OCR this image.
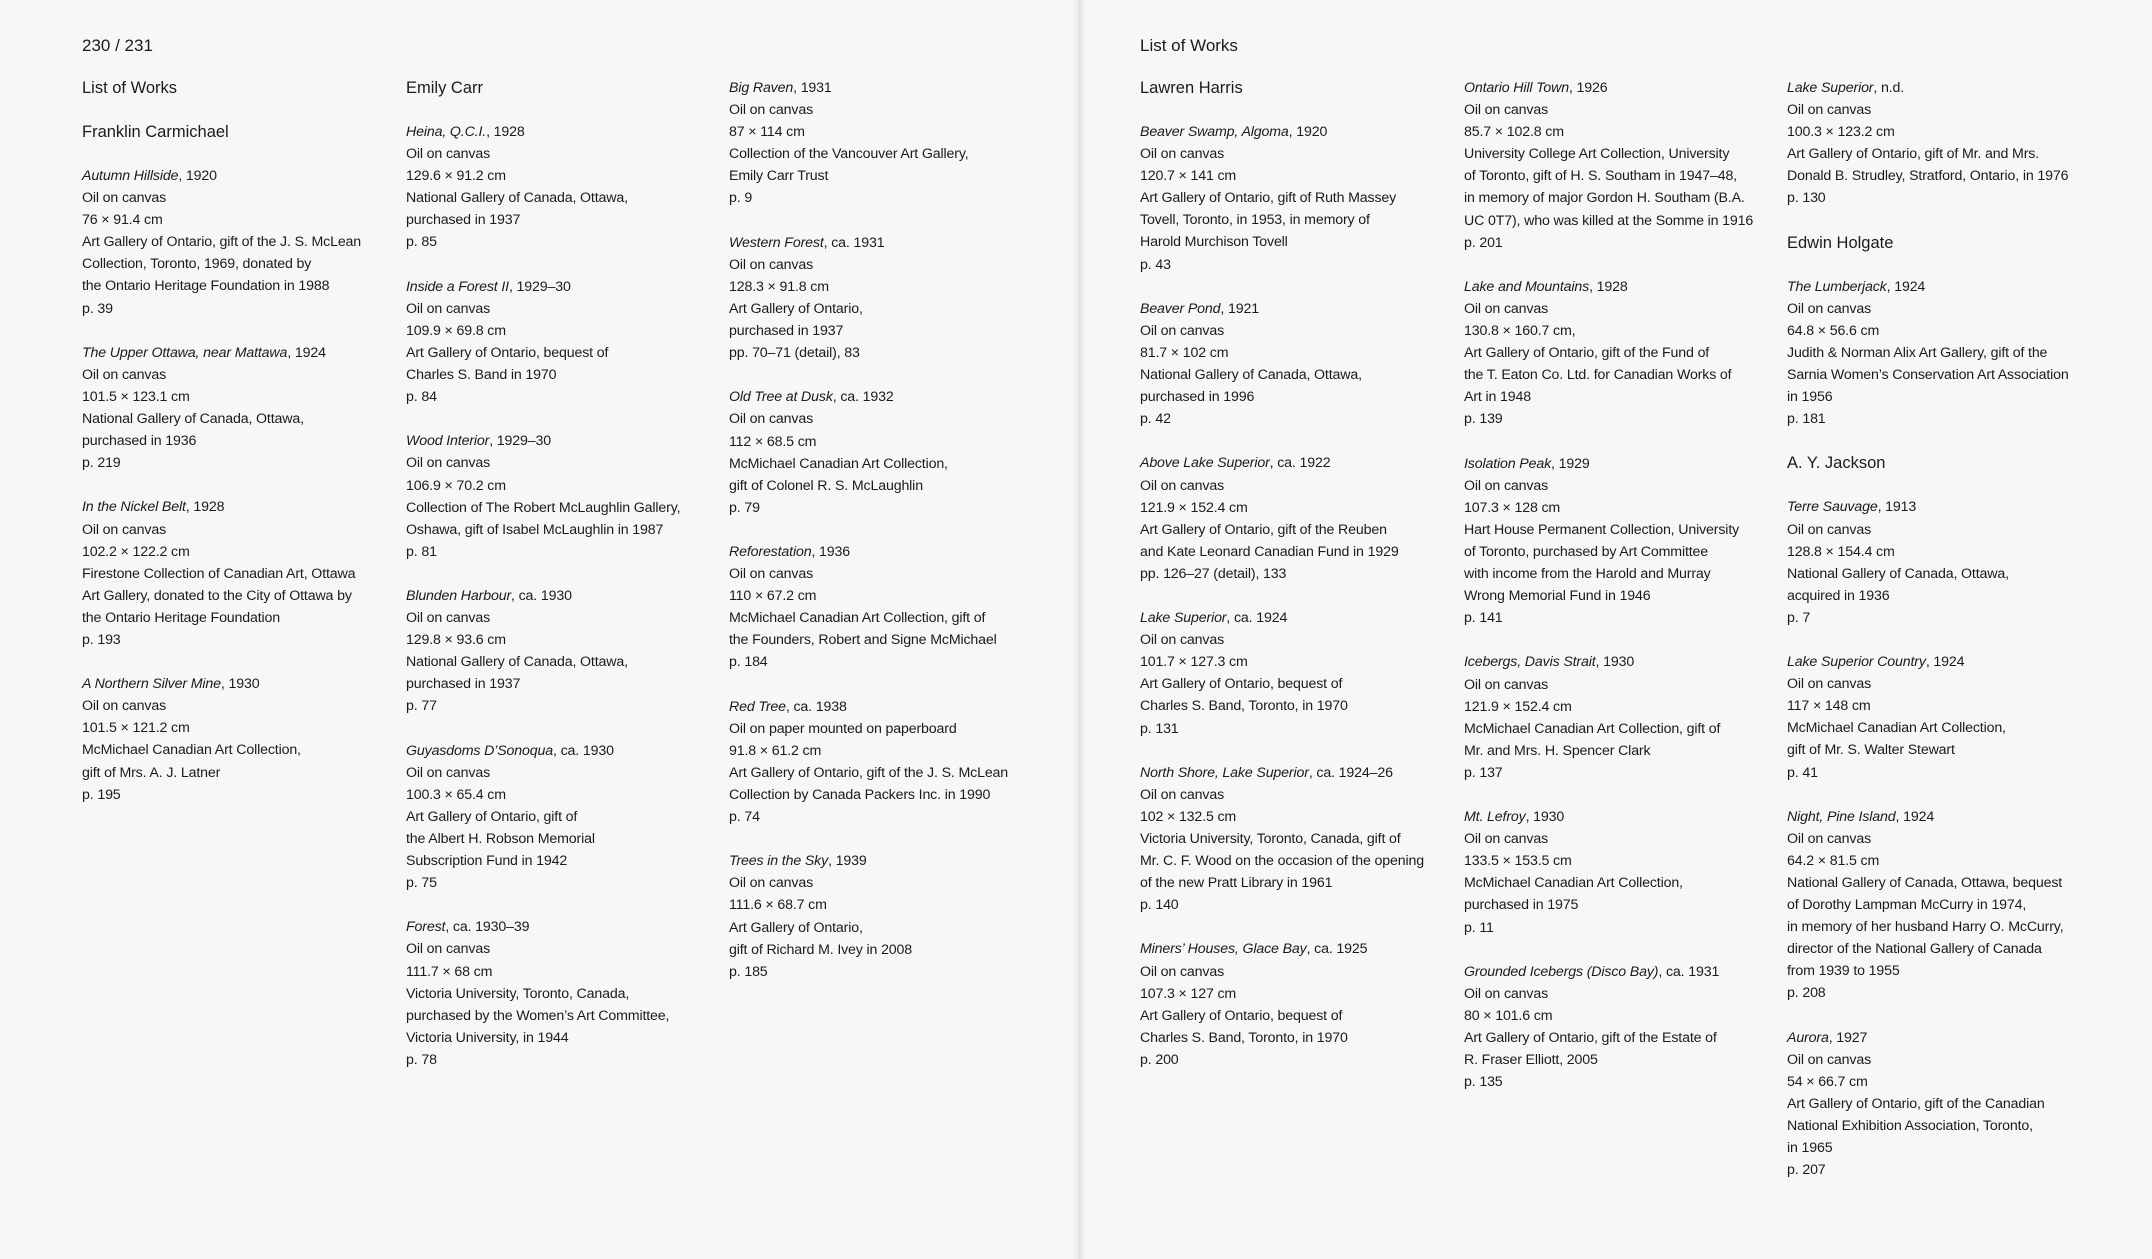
230 / 231
List of Works
Franklin Carmichael
Autumn Hillside, 1920
Oil on canvas
76 × 91.4 cm
Art Gallery of Ontario, gift of the J. S. McLean
Collection, Toronto, 1969, donated by
the Ontario Heritage Foundation in 1988
p. 39
The Upper Ottawa, near Mattawa, 1924
Oil on canvas
101.5 × 123.1 cm
National Gallery of Canada, Ottawa,
purchased in 1936
p. 219
In the Nickel Belt, 1928
Oil on canvas
102.2 × 122.2 cm
Firestone Collection of Canadian Art, Ottawa
Art Gallery, donated to the City of Ottawa by
the Ontario Heritage Foundation
p. 193
A Northern Silver Mine, 1930
Oil on canvas
101.5 × 121.2 cm
McMichael Canadian Art Collection,
gift of Mrs. A. J. Latner
p. 195
Emily Carr
Heina, Q.C.I., 1928
Oil on canvas
129.6 × 91.2 cm
National Gallery of Canada, Ottawa,
purchased in 1937
p. 85
Inside a Forest II, 1929–30
Oil on canvas
109.9 × 69.8 cm
Art Gallery of Ontario, bequest of
Charles S. Band in 1970
p. 84
Wood Interior, 1929–30
Oil on canvas
106.9 × 70.2 cm
Collection of The Robert McLaughlin Gallery,
Oshawa, gift of Isabel McLaughlin in 1987
p. 81
Blunden Harbour, ca. 1930
Oil on canvas
129.8 × 93.6 cm
National Gallery of Canada, Ottawa,
purchased in 1937
p. 77
Guyasdoms D’Sonoqua, ca. 1930
Oil on canvas
100.3 × 65.4 cm
Art Gallery of Ontario, gift of
the Albert H. Robson Memorial
Subscription Fund in 1942
p. 75
Forest, ca. 1930–39
Oil on canvas
111.7 × 68 cm
Victoria University, Toronto, Canada,
purchased by the Women’s Art Committee,
Victoria University, in 1944
p. 78
Big Raven, 1931
Oil on canvas
87 × 114 cm
Collection of the Vancouver Art Gallery,
Emily Carr Trust
p. 9
Western Forest, ca. 1931
Oil on canvas
128.3 × 91.8 cm
Art Gallery of Ontario,
purchased in 1937
pp. 70–71 (detail), 83
Old Tree at Dusk, ca. 1932
Oil on canvas
112 × 68.5 cm
McMichael Canadian Art Collection,
gift of Colonel R. S. McLaughlin
p. 79
Reforestation, 1936
Oil on canvas
110 × 67.2 cm
McMichael Canadian Art Collection, gift of
the Founders, Robert and Signe McMichael
p. 184
Red Tree, ca. 1938
Oil on paper mounted on paperboard
91.8 × 61.2 cm
Art Gallery of Ontario, gift of the J. S. McLean
Collection by Canada Packers Inc. in 1990
p. 74
Trees in the Sky, 1939
Oil on canvas
111.6 × 68.7 cm
Art Gallery of Ontario,
gift of Richard M. Ivey in 2008
p. 185
List of Works
Lawren Harris
Beaver Swamp, Algoma, 1920
Oil on canvas
120.7 × 141 cm
Art Gallery of Ontario, gift of Ruth Massey
Tovell, Toronto, in 1953, in memory of
Harold Murchison Tovell
p. 43
Beaver Pond, 1921
Oil on canvas
81.7 × 102 cm
National Gallery of Canada, Ottawa,
purchased in 1996
p. 42
Above Lake Superior, ca. 1922
Oil on canvas
121.9 × 152.4 cm
Art Gallery of Ontario, gift of the Reuben
and Kate Leonard Canadian Fund in 1929
pp. 126–27 (detail), 133
Lake Superior, ca. 1924
Oil on canvas
101.7 × 127.3 cm
Art Gallery of Ontario, bequest of
Charles S. Band, Toronto, in 1970
p. 131
North Shore, Lake Superior, ca. 1924–26
Oil on canvas
102 × 132.5 cm
Victoria University, Toronto, Canada, gift of
Mr. C. F. Wood on the occasion of the opening
of the new Pratt Library in 1961
p. 140
Miners’ Houses, Glace Bay, ca. 1925
Oil on canvas
107.3 × 127 cm
Art Gallery of Ontario, bequest of
Charles S. Band, Toronto, in 1970
p. 200
Ontario Hill Town, 1926
Oil on canvas
85.7 × 102.8 cm
University College Art Collection, University
of Toronto, gift of H. S. Southam in 1947–48,
in memory of major Gordon H. Southam (B.A.
UC 0T7), who was killed at the Somme in 1916
p. 201
Lake and Mountains, 1928
Oil on canvas
130.8 × 160.7 cm,
Art Gallery of Ontario, gift of the Fund of
the T. Eaton Co. Ltd. for Canadian Works of
Art in 1948
p. 139
Isolation Peak, 1929
Oil on canvas
107.3 × 128 cm
Hart House Permanent Collection, University
of Toronto, purchased by Art Committee
with income from the Harold and Murray
Wrong Memorial Fund in 1946
p. 141
Icebergs, Davis Strait, 1930
Oil on canvas
121.9 × 152.4 cm
McMichael Canadian Art Collection, gift of
Mr. and Mrs. H. Spencer Clark
p. 137
Mt. Lefroy, 1930
Oil on canvas
133.5 × 153.5 cm
McMichael Canadian Art Collection,
purchased in 1975
p. 11
Grounded Icebergs (Disco Bay), ca. 1931
Oil on canvas
80 × 101.6 cm
Art Gallery of Ontario, gift of the Estate of
R. Fraser Elliott, 2005
p. 135
Lake Superior, n.d.
Oil on canvas
100.3 × 123.2 cm
Art Gallery of Ontario, gift of Mr. and Mrs.
Donald B. Strudley, Stratford, Ontario, in 1976
p. 130
Edwin Holgate
The Lumberjack, 1924
Oil on canvas
64.8 × 56.6 cm
Judith & Norman Alix Art Gallery, gift of the
Sarnia Women’s Conservation Art Association
in 1956
p. 181
A. Y. Jackson
Terre Sauvage, 1913
Oil on canvas
128.8 × 154.4 cm
National Gallery of Canada, Ottawa,
acquired in 1936
p. 7
Lake Superior Country, 1924
Oil on canvas
117 × 148 cm
McMichael Canadian Art Collection,
gift of Mr. S. Walter Stewart
p. 41
Night, Pine Island, 1924
Oil on canvas
64.2 × 81.5 cm
National Gallery of Canada, Ottawa, bequest
of Dorothy Lampman McCurry in 1974,
in memory of her husband Harry O. McCurry,
director of the National Gallery of Canada
from 1939 to 1955
p. 208
Aurora, 1927
Oil on canvas
54 × 66.7 cm
Art Gallery of Ontario, gift of the Canadian
National Exhibition Association, Toronto,
in 1965
p. 207
